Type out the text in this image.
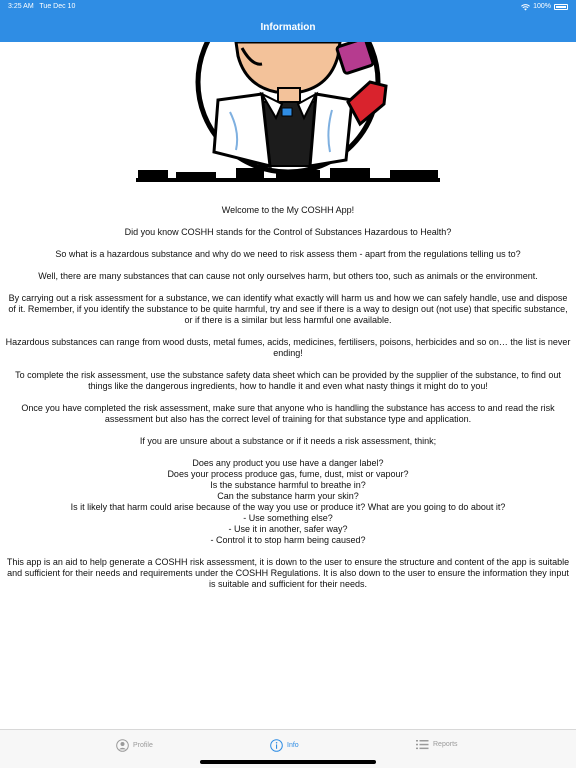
3:25 AM Tue Dec 10	100%
Information

Welcome to the My COSHH App!

Did you know COSHH stands for the Control of Substances Hazardous to Health?

So what is a hazardous substance and why do we need to risk assess them - apart from the regulations telling us to?

Well, there are many substances that can cause not only ourselves harm, but others too, such as animals or the environment.

By carrying out a risk assessment for a substance, we can identify what exactly will harm us and how we can safely handle, use and dispose of it. Remember, if you identify the substance to be quite harmful, try and see if there is a way to design out (not use) that specific substance, or if there is a similar but less harmful one available.

Hazardous substances can range from wood dusts, metal fumes, acids, medicines, fertilisers, poisons, herbicides and so on… the list is never ending!

To complete the risk assessment, use the substance safety data sheet which can be provided by the supplier of the substance, to find out things like the dangerous ingredients, how to handle it and even what nasty things it might do to you!

Once you have completed the risk assessment, make sure that anyone who is handling the substance has access to and read the risk assessment but also has the correct level of training for that substance type and application.

If you are unsure about a substance or if it needs a risk assessment, think;

Does any product you use have a danger label?

Does your process produce gas, fume, dust, mist or vapour?

Is the substance harmful to breathe in?

Can the substance harm your skin?

Is it likely that harm could arise because of the way you use or produce it? What are you going to do about it?

- Use something else?

- Use it in another, safer way?

- Control it to stop harm being caused?

This app is an aid to help generate a COSHH risk assessment, it is down to the user to ensure the structure and content of the app is suitable and sufficient for their needs and requirements under the COSHH Regulations. It is also down to the user to ensure the information they input is suitable and sufficient for their needs.

Profile	Info	Reports
